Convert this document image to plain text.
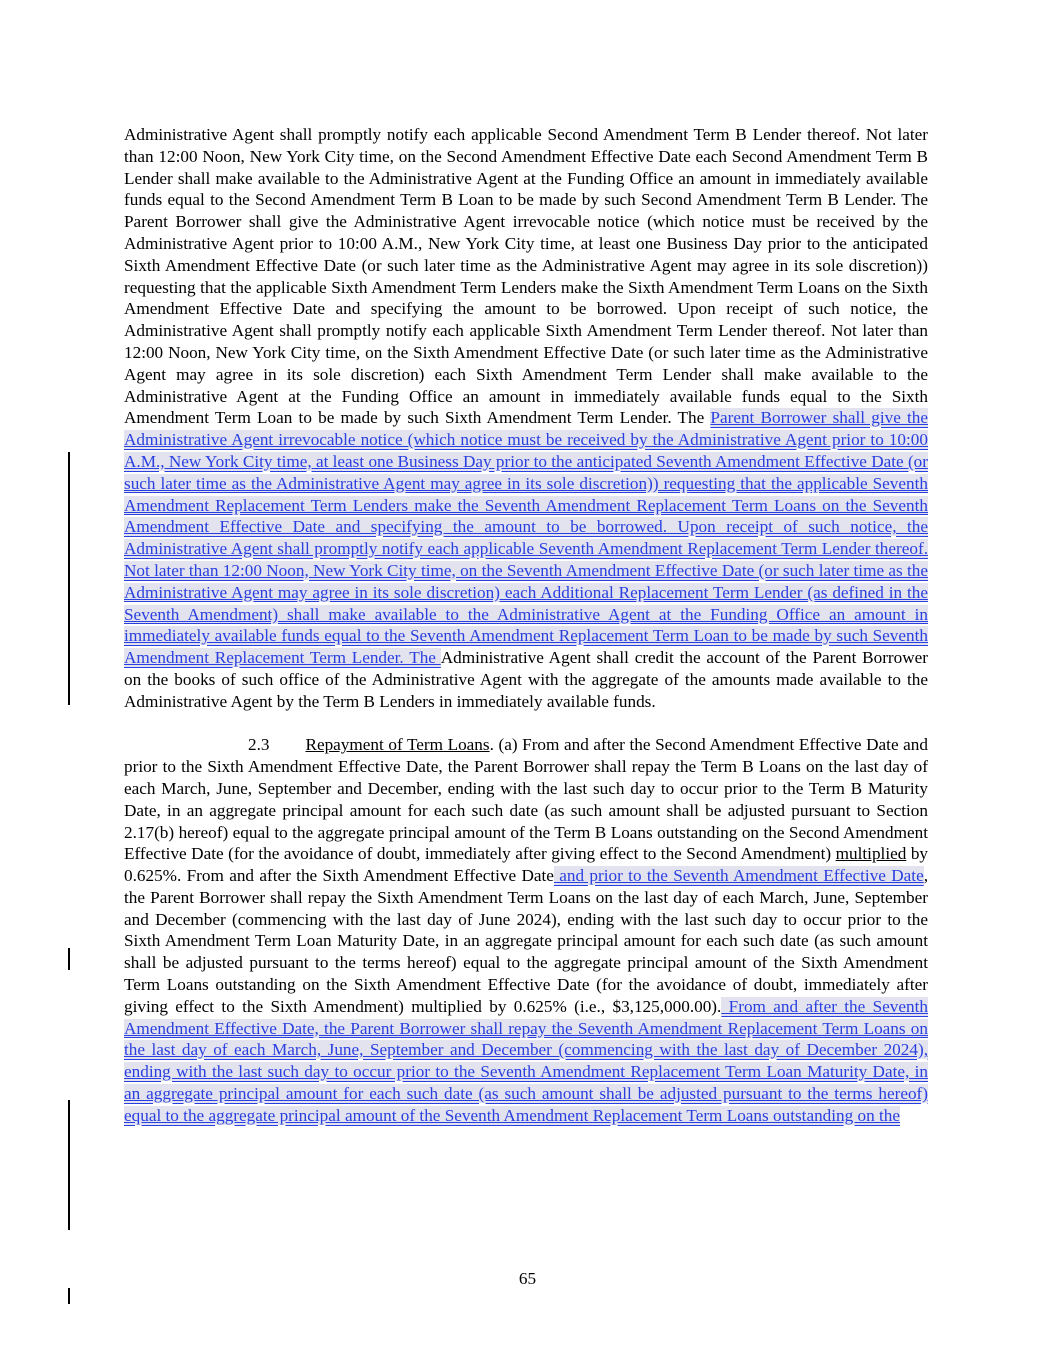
Administrative Agent shall promptly notify each applicable Second Amendment Term B Lender thereof. Not later than 12:00 Noon, New York City time, on the Second Amendment Effective Date each Second Amendment Term B Lender shall make available to the Administrative Agent at the Funding Office an amount in immediately available funds equal to the Second Amendment Term B Loan to be made by such Second Amendment Term B Lender. The Parent Borrower shall give the Administrative Agent irrevocable notice (which notice must be received by the Administrative Agent prior to 10:00 A.M., New York City time, at least one Business Day prior to the anticipated Sixth Amendment Effective Date (or such later time as the Administrative Agent may agree in its sole discretion)) requesting that the applicable Sixth Amendment Term Lenders make the Sixth Amendment Term Loans on the Sixth Amendment Effective Date and specifying the amount to be borrowed. Upon receipt of such notice, the Administrative Agent shall promptly notify each applicable Sixth Amendment Term Lender thereof. Not later than 12:00 Noon, New York City time, on the Sixth Amendment Effective Date (or such later time as the Administrative Agent may agree in its sole discretion) each Sixth Amendment Term Lender shall make available to the Administrative Agent at the Funding Office an amount in immediately available funds equal to the Sixth Amendment Term Loan to be made by such Sixth Amendment Term Lender. The Parent Borrower shall give the Administrative Agent irrevocable notice (which notice must be received by the Administrative Agent prior to 10:00 A.M., New York City time, at least one Business Day prior to the anticipated Seventh Amendment Effective Date (or such later time as the Administrative Agent may agree in its sole discretion)) requesting that the applicable Seventh Amendment Replacement Term Lenders make the Seventh Amendment Replacement Term Loans on the Seventh Amendment Effective Date and specifying the amount to be borrowed. Upon receipt of such notice, the Administrative Agent shall promptly notify each applicable Seventh Amendment Replacement Term Lender thereof. Not later than 12:00 Noon, New York City time, on the Seventh Amendment Effective Date (or such later time as the Administrative Agent may agree in its sole discretion) each Additional Replacement Term Lender (as defined in the Seventh Amendment) shall make available to the Administrative Agent at the Funding Office an amount in immediately available funds equal to the Seventh Amendment Replacement Term Loan to be made by such Seventh Amendment Replacement Term Lender. The Administrative Agent shall credit the account of the Parent Borrower on the books of such office of the Administrative Agent with the aggregate of the amounts made available to the Administrative Agent by the Term B Lenders in immediately available funds.

2.3 Repayment of Term Loans. (a) From and after the Second Amendment Effective Date and prior to the Sixth Amendment Effective Date, the Parent Borrower shall repay the Term B Loans on the last day of each March, June, September and December, ending with the last such day to occur prior to the Term B Maturity Date, in an aggregate principal amount for each such date (as such amount shall be adjusted pursuant to Section 2.17(b) hereof) equal to the aggregate principal amount of the Term B Loans outstanding on the Second Amendment Effective Date (for the avoidance of doubt, immediately after giving effect to the Second Amendment) multiplied by 0.625%. From and after the Sixth Amendment Effective Date and prior to the Seventh Amendment Effective Date, the Parent Borrower shall repay the Sixth Amendment Term Loans on the last day of each March, June, September and December (commencing with the last day of June 2024), ending with the last such day to occur prior to the Sixth Amendment Term Loan Maturity Date, in an aggregate principal amount for each such date (as such amount shall be adjusted pursuant to the terms hereof) equal to the aggregate principal amount of the Sixth Amendment Term Loans outstanding on the Sixth Amendment Effective Date (for the avoidance of doubt, immediately after giving effect to the Sixth Amendment) multiplied by 0.625% (i.e., $3,125,000.00). From and after the Seventh Amendment Effective Date, the Parent Borrower shall repay the Seventh Amendment Replacement Term Loans on the last day of each March, June, September and December (commencing with the last day of December 2024), ending with the last such day to occur prior to the Seventh Amendment Replacement Term Loan Maturity Date, in an aggregate principal amount for each such date (as such amount shall be adjusted pursuant to the terms hereof) equal to the aggregate principal amount of the Seventh Amendment Replacement Term Loans outstanding on the

65
